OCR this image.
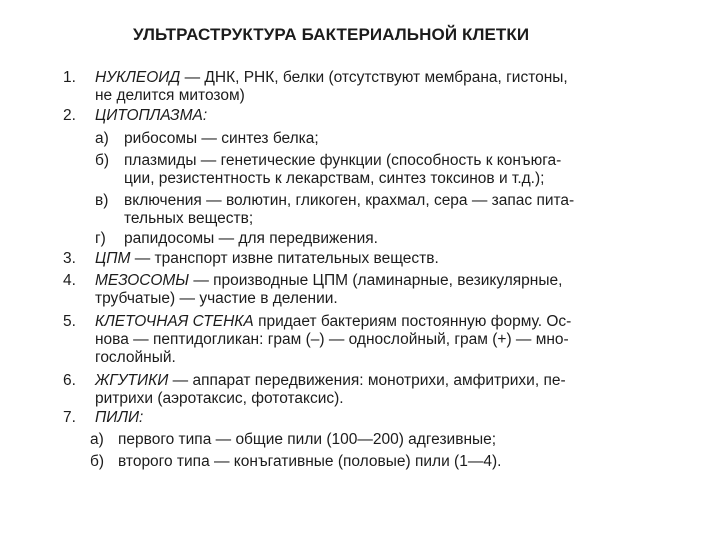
УЛЬТРАСТРУКТУРА БАКТЕРИАЛЬНОЙ КЛЕТКИ
1. НУКЛЕОИД — ДНК, РНК, белки (отсутствуют мембрана, гистоны,
не делится митозом)
2. ЦИТОПЛАЗМА:
а) рибосомы — синтез белка;
б) плазмиды — генетические функции (способность к конъюга-
ции, резистентность к лекарствам, синтез токсинов и т.д.);
в) включения — волютин, гликоген, крахмал, сера — запас пита-
тельных веществ;
г) рапидосомы — для передвижения.
3. ЦПМ — транспорт извне питательных веществ.
4. МЕЗОСОМЫ — производные ЦПМ (ламинарные, везикулярные,
трубчатые) — участие в делении.
5. КЛЕТОЧНАЯ СТЕНКА придает бактериям постоянную форму. Ос-
нова — пептидогликан: грам (–) — однослойный, грам (+) — мно-
гослойный.
6. ЖГУТИКИ — аппарат передвижения: монотрихи, амфитрихи, пе-
ритрихи (аэротаксис, фототаксис).
7. ПИЛИ:
а) первого типа — общие пили (100—200) адгезивные;
б) второго типа — конъгативные (половые) пили (1—4).
